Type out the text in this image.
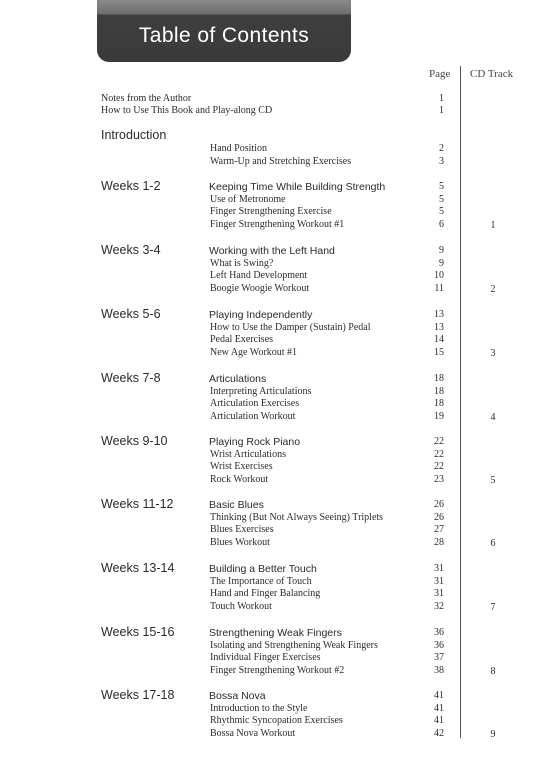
Table of Contents
Page CD Track
Notes from the Author	1
How to Use This Book and Play-along CD	1
Introduction
Hand Position	2
Warm-Up and Stretching Exercises	3
Weeks 1-2	Keeping Time While Building Strength	5
Use of Metronome	5
Finger Strengthening Exercise	5
Finger Strengthening Workout #1	6	1
Weeks 3-4	Working with the Left Hand	9
What is Swing?	9
Left Hand Development	10
Boogie Woogie Workout	11	2
Weeks 5-6	Playing Independently	13
How to Use the Damper (Sustain) Pedal	13
Pedal Exercises	14
New Age Workout #1	15	3
Weeks 7-8	Articulations	18
Interpreting Articulations	18
Articulation Exercises	18
Articulation Workout	19	4
Weeks 9-10	Playing Rock Piano	22
Wrist Articulations	22
Wrist Exercises	22
Rock Workout	23	5
Weeks 11-12	Basic Blues	26
Thinking (But Not Always Seeing) Triplets	26
Blues Exercises	27
Blues Workout	28	6
Weeks 13-14	Building a Better Touch	31
The Importance of Touch	31
Hand and Finger Balancing	31
Touch Workout	32	7
Weeks 15-16	Strengthening Weak Fingers	36
Isolating and Strengthening Weak Fingers	36
Individual Finger Exercises	37
Finger Strengthening Workout #2	38	8
Weeks 17-18	Bossa Nova	41
Introduction to the Style	41
Rhythmic Syncopation Exercises	41
Bossa Nova Workout	42	9
